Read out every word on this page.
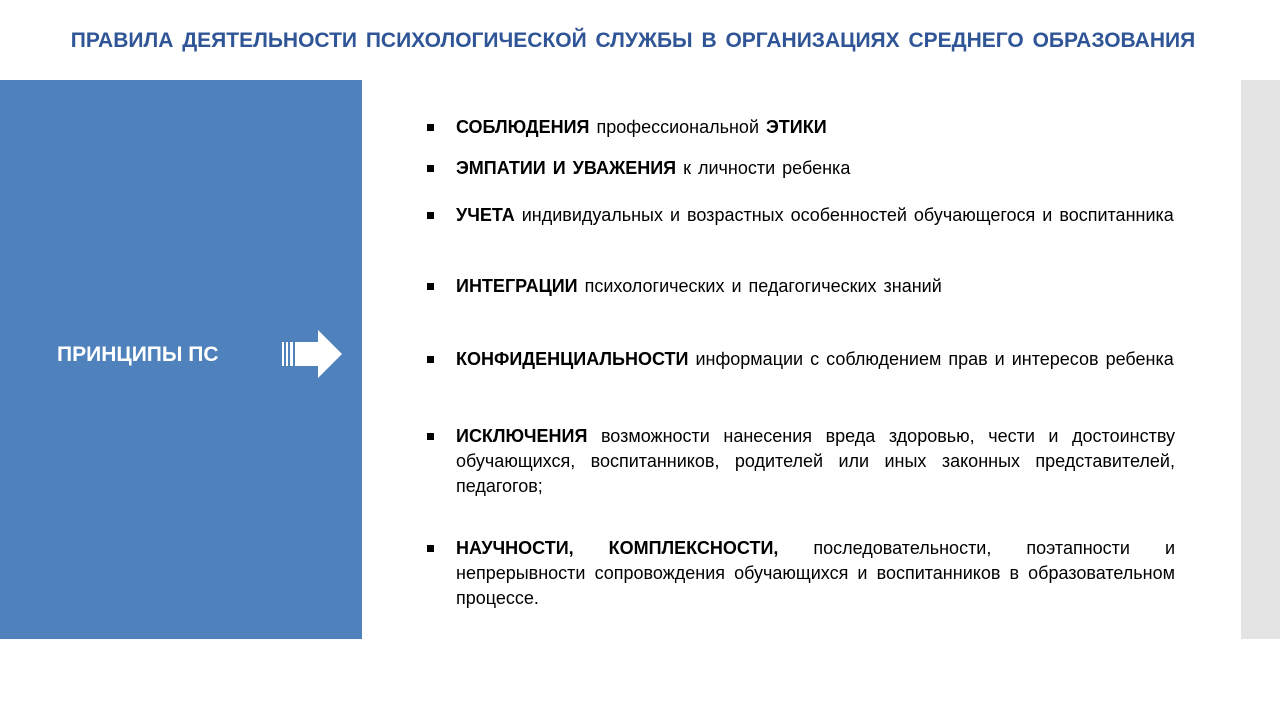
ПРАВИЛА ДЕЯТЕЛЬНОСТИ ПСИХОЛОГИЧЕСКОЙ СЛУЖБЫ В ОРГАНИЗАЦИЯХ СРЕДНЕГО ОБРАЗОВАНИЯ
ПРИНЦИПЫ ПС
СОБЛЮДЕНИЯ профессиональной ЭТИКИ
ЭМПАТИИ И УВАЖЕНИЯ к личности ребенка
УЧЕТА индивидуальных и возрастных особенностей обучающегося и воспитанника
ИНТЕГРАЦИИ психологических и педагогических знаний
КОНФИДЕНЦИАЛЬНОСТИ информации с соблюдением прав и интересов ребенка
ИСКЛЮЧЕНИЯ возможности нанесения вреда здоровью, чести и достоинству обучающихся, воспитанников, родителей или иных законных представителей, педагогов;
НАУЧНОСТИ, КОМПЛЕКСНОСТИ, последовательности, поэтапности и непрерывности сопровождения обучающихся и воспитанников в образовательном процессе.
